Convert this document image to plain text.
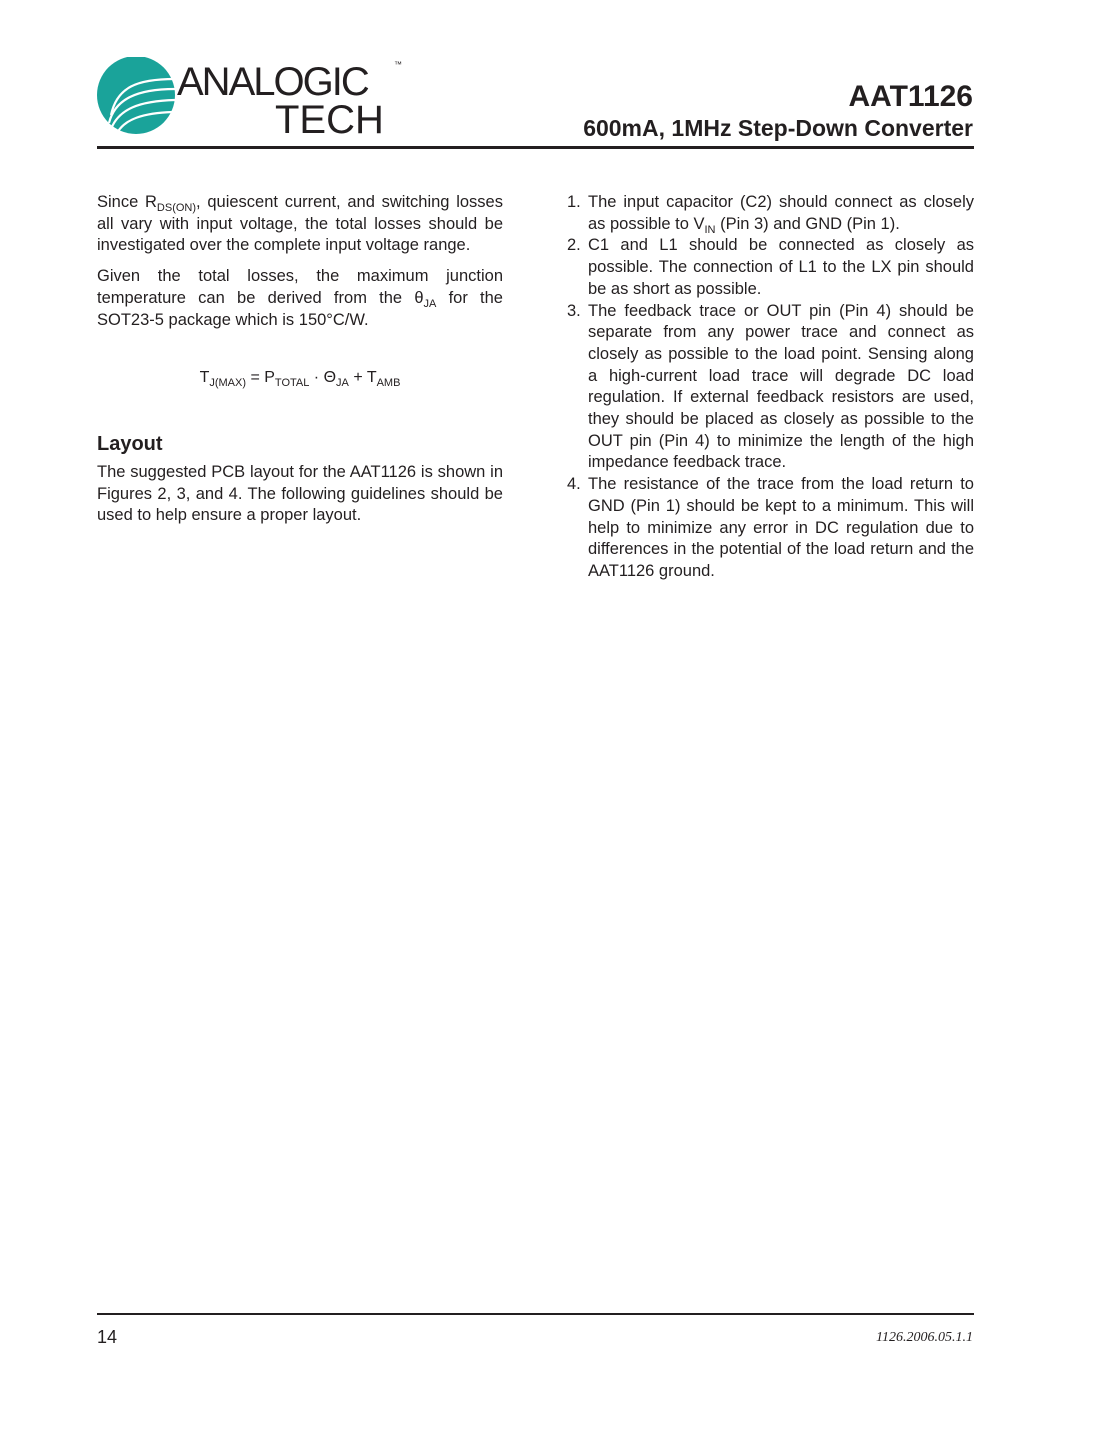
ANALOGIC	™
TECH
AAT1126
600mA, 1MHz Step-Down Converter

Since $R_{DS(ON)}$, quiescent current, and switching losses all vary with input voltage, the total losses should be investigated over the complete input voltage range.

Given the total losses, the maximum junction temperature can be derived from the $\theta_{JA}$ for the SOT23-5 package which is 150°C/W.

$T_{J(MAX)} = P_{TOTAL} \cdot \Theta_{JA} + T_{AMB}$
Layout

The suggested PCB layout for the AAT1126 is shown in Figures 2, 3, and 4. The following guidelines should be used to help ensure a proper layout.

1. The input capacitor (C2) should connect as closely as possible to $V_{IN}$ (Pin 3) and GND (Pin 1).
2. C1 and L1 should be connected as closely as possible. The connection of L1 to the LX pin should be as short as possible.
3. The feedback trace or OUT pin (Pin 4) should be separate from any power trace and connect as closely as possible to the load point. Sensing along a high-current load trace will degrade DC load regulation. If external feedback resistors are used, they should be placed as closely as possible to the OUT pin (Pin 4) to minimize the length of the high impedance feedback trace.
4. The resistance of the trace from the load return to GND (Pin 1) should be kept to a minimum. This will help to minimize any error in DC regulation due to differences in the potential of the load return and the AAT1126 ground.
14	1126.2006.05.1.1
